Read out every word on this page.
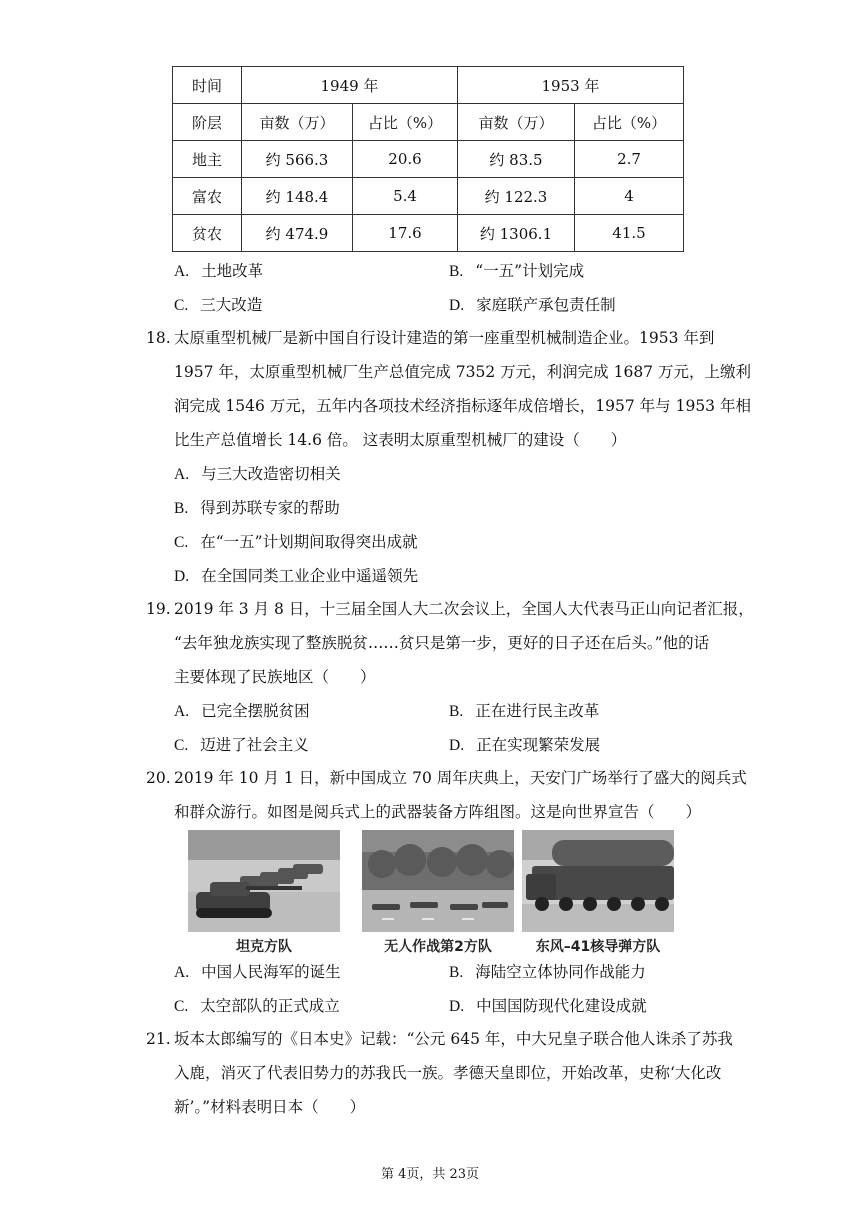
时间	1949 年		1953 年	
阶层	亩数（万）	占比（%）	亩数（万）	占比（%）
地主	约 566.3	20.6	约 83.5	2.7
富农	约 148.4	5.4	约 122.3	4
贫农	约 474.9	17.6	约 1306.1	41.5
A. 土地改革	B. “一五”计划完成
C. 三大改造	D. 家庭联产承包责任制
18. 太原重型机械厂是新中国自行设计建造的第一座重型机械制造企业。1953 年到
1957 年，太原重型机械厂生产总值完成 7352 万元，利润完成 1687 万元，上缴利
润完成 1546 万元，五年内各项技术经济指标逐年成倍增长，1957 年与 1953 年相
比生产总值增长 14.6 倍。 这表明太原重型机械厂的建设（　　）
A. 与三大改造密切相关
B. 得到苏联专家的帮助
C. 在“一五”计划期间取得突出成就
D. 在全国同类工业企业中遥遥领先
19. 2019 年 3 月 8 日，十三届全国人大二次会议上，全国人大代表马正山向记者汇报，
“去年独龙族实现了整族脱贫……贫只是第一步，更好的日子还在后头。”他的话
主要体现了民族地区（　　）
A. 已完全摆脱贫困	B. 正在进行民主改革
C. 迈进了社会主义	D. 正在实现繁荣发展
20. 2019 年 10 月 1 日，新中国成立 70 周年庆典上，天安门广场举行了盛大的阅兵式
和群众游行。如图是阅兵式上的武器装备方阵组图。这是向世界宣告（　　）
坦克方队	无人作战第2方队	东风–41核导弹方队
A. 中国人民海军的诞生	B. 海陆空立体协同作战能力
C. 太空部队的正式成立	D. 中国国防现代化建设成就
21. 坂本太郎编写的《日本史》记载：“公元 645 年，中大兄皇子联合他人诛杀了苏我
入鹿，消灭了代表旧势力的苏我氏一族。孝德天皇即位，开始改革，史称‘大化改
新’。”材料表明日本（　　）
第 4页，共 23页
